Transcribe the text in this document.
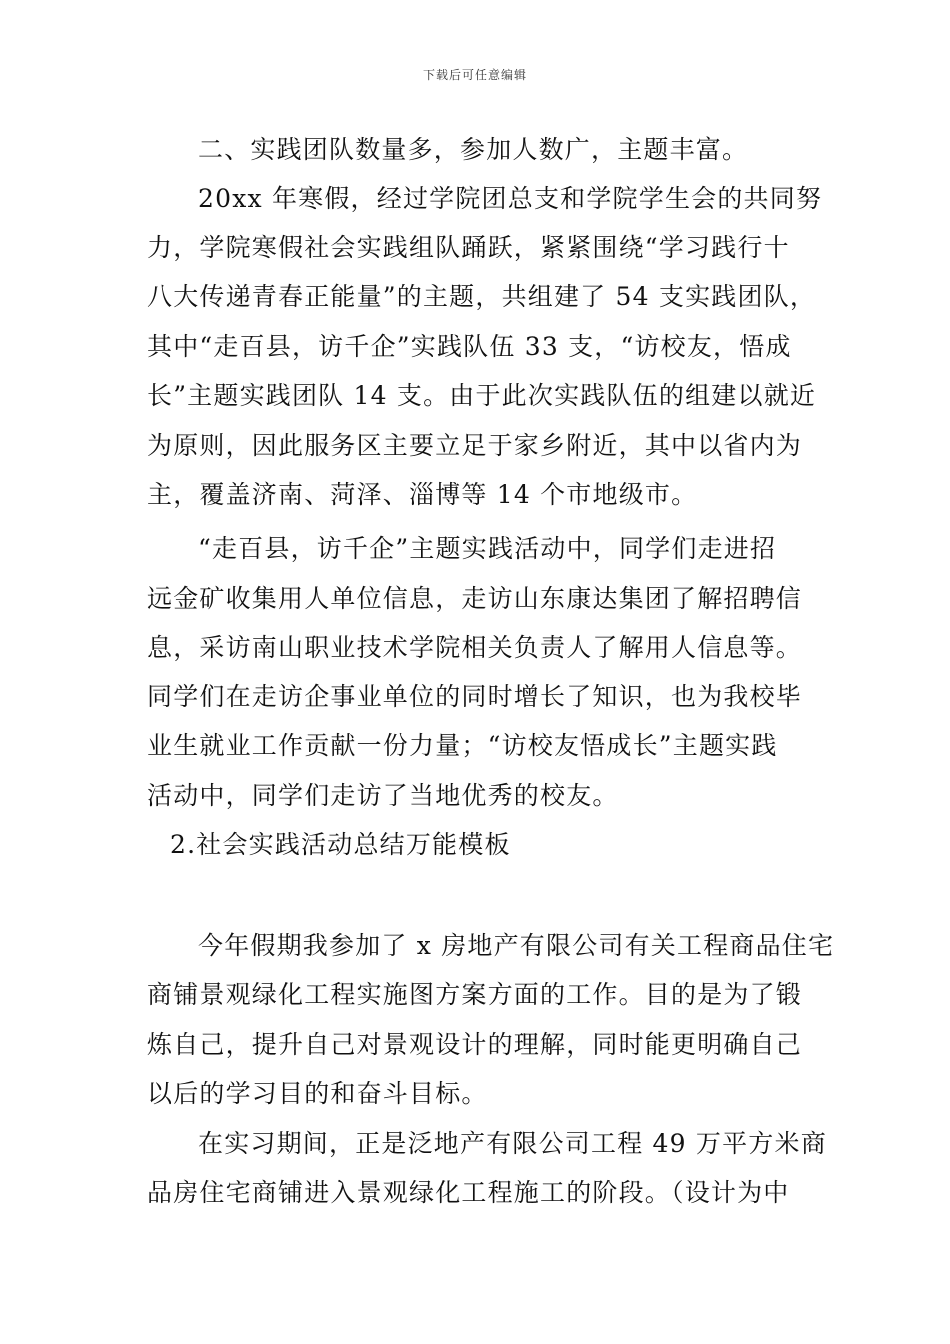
下载后可任意编辑
二、实践团队数量多，参加人数广，主题丰富。
20xx 年寒假，经过学院团总支和学院学生会的共同努
力，学院寒假社会实践组队踊跃，紧紧围绕“学习践行十
八大传递青春正能量”的主题，共组建了 54 支实践团队，
其中“走百县，访千企”实践队伍 33 支，“访校友，悟成
长”主题实践团队 14 支。由于此次实践队伍的组建以就近
为原则，因此服务区主要立足于家乡附近，其中以省内为
主，覆盖济南、菏泽、淄博等 14 个市地级市。
“走百县，访千企”主题实践活动中，同学们走进招
远金矿收集用人单位信息，走访山东康达集团了解招聘信
息，采访南山职业技术学院相关负责人了解用人信息等。
同学们在走访企事业单位的同时增长了知识，也为我校毕
业生就业工作贡献一份力量；“访校友悟成长”主题实践
活动中，同学们走访了当地优秀的校友。
2.社会实践活动总结万能模板
今年假期我参加了 x 房地产有限公司有关工程商品住宅
商铺景观绿化工程实施图方案方面的工作。目的是为了锻
炼自己，提升自己对景观设计的理解，同时能更明确自己
以后的学习目的和奋斗目标。
在实习期间，正是泛地产有限公司工程 49 万平方米商
品房住宅商铺进入景观绿化工程施工的阶段。（设计为中
